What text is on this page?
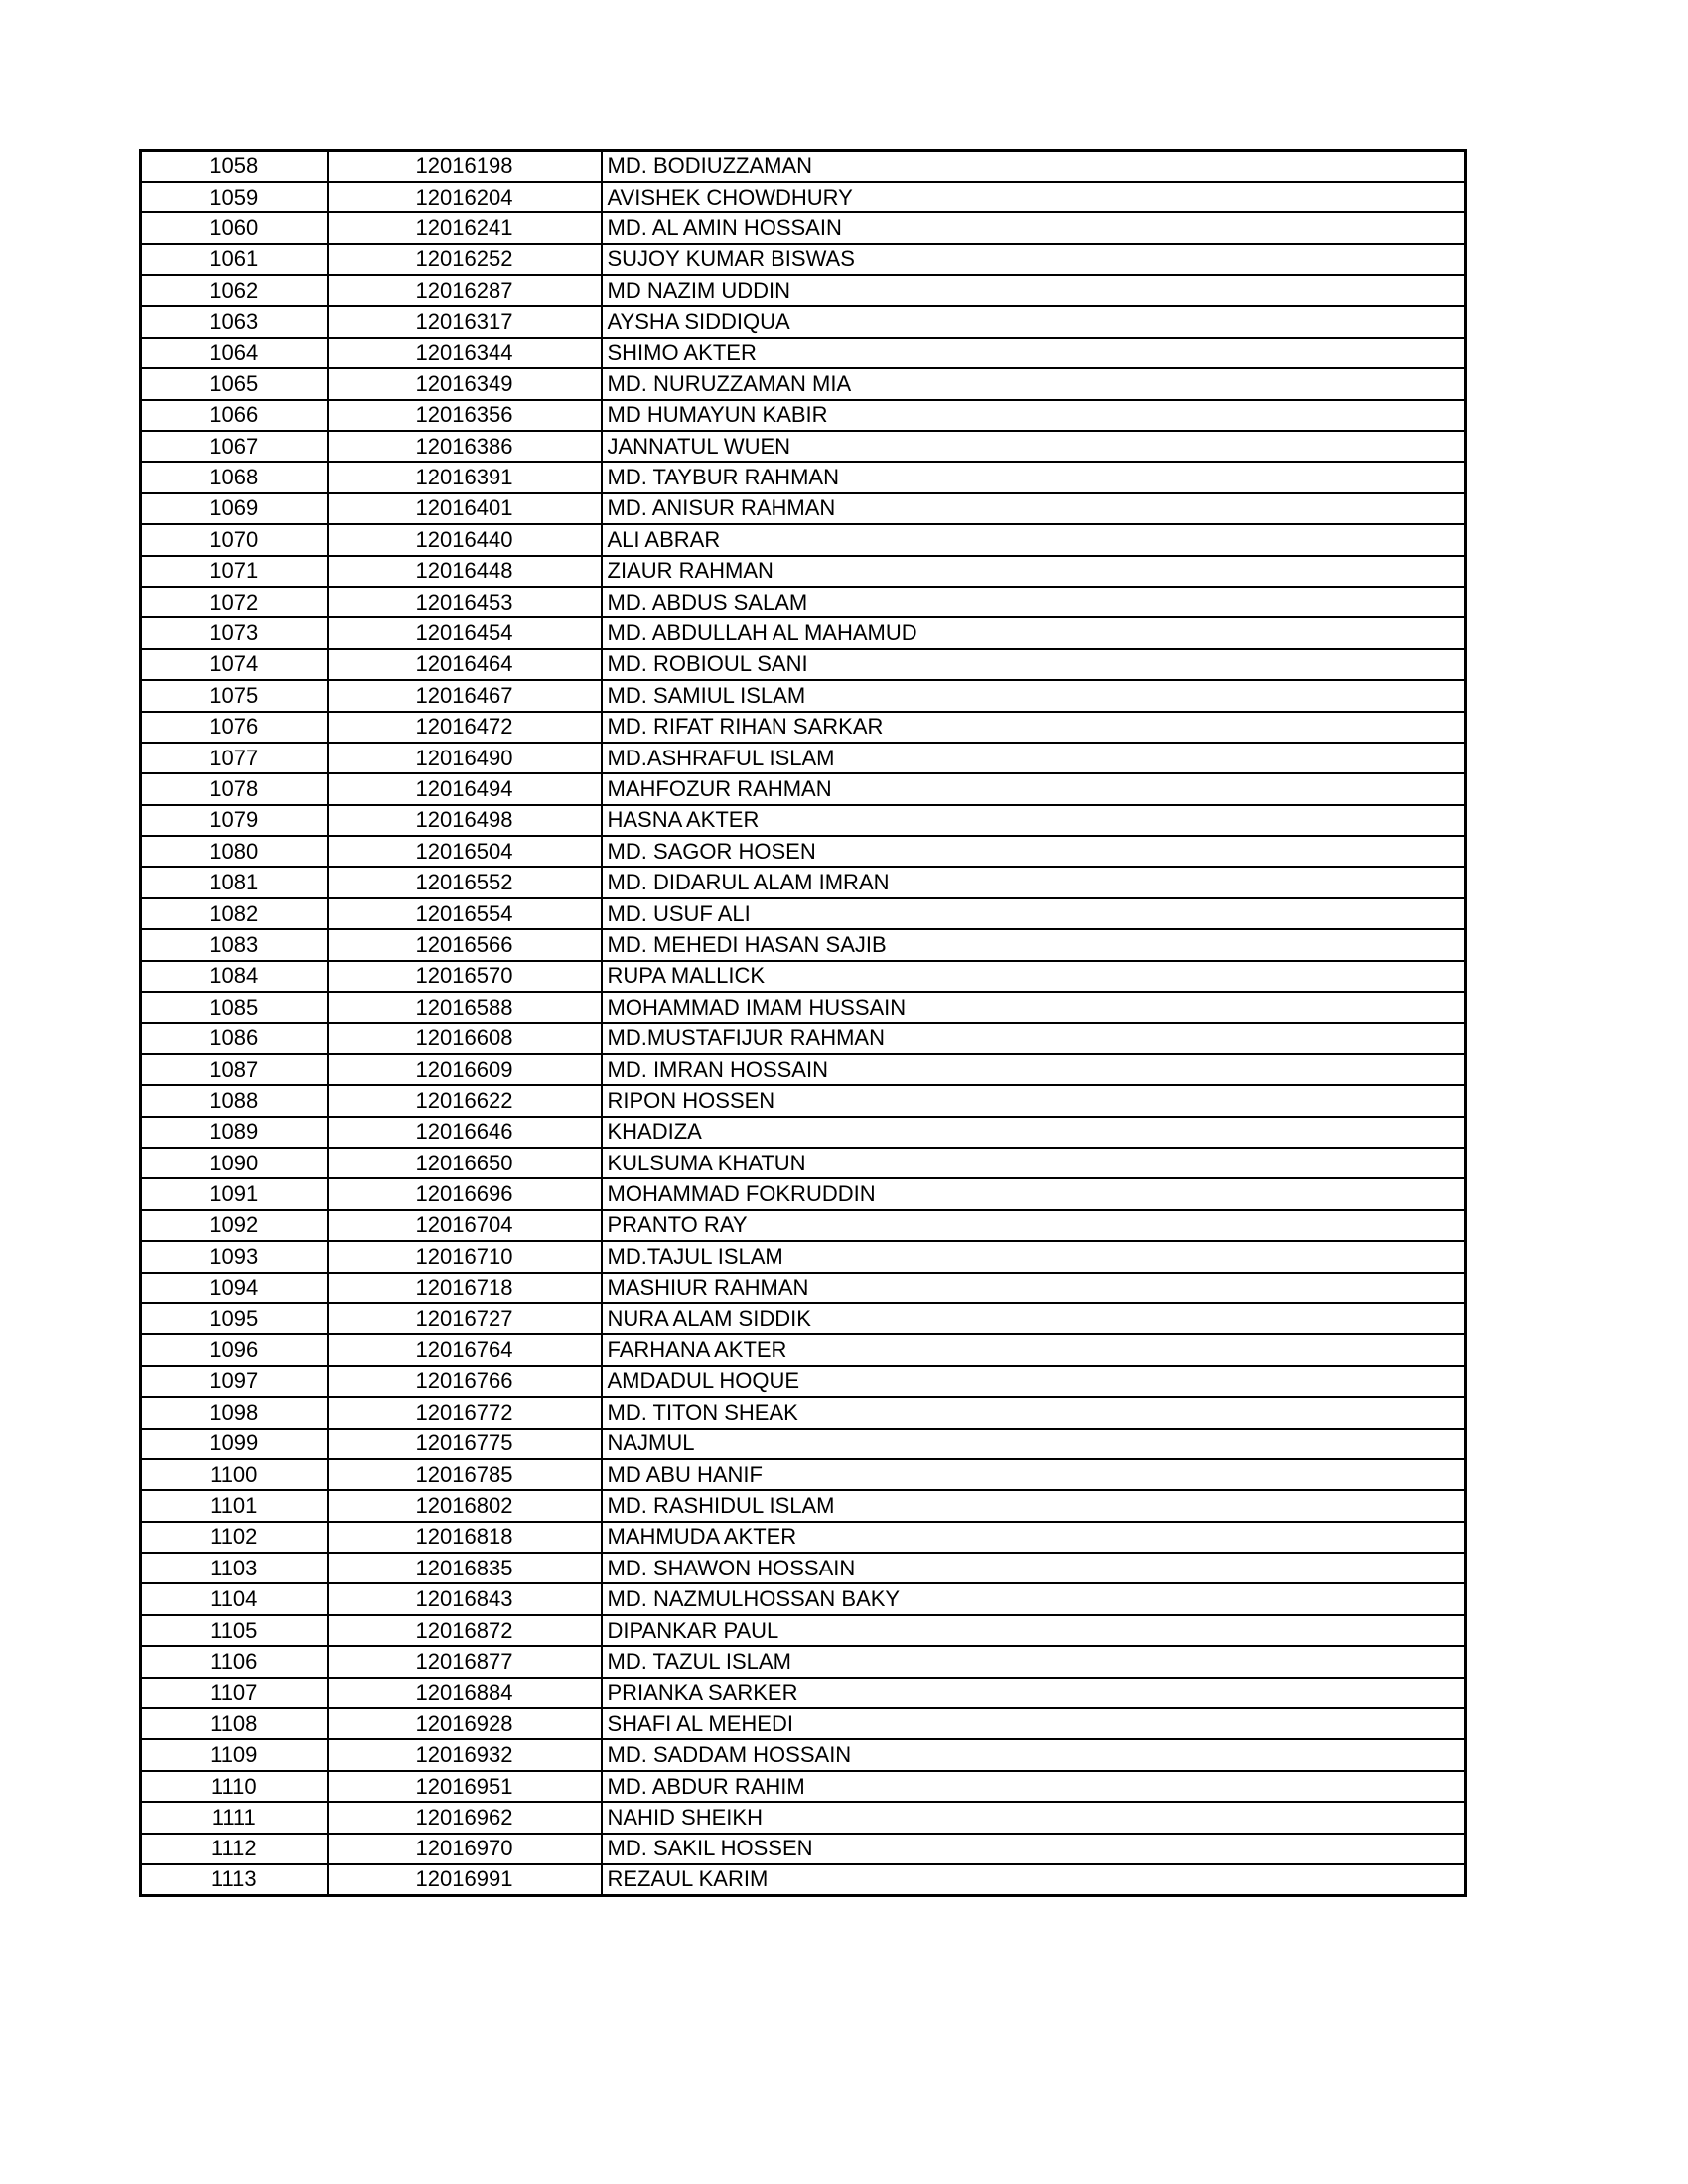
1058	12016198	MD. BODIUZZAMAN
1059	12016204	AVISHEK CHOWDHURY
1060	12016241	MD. AL AMIN HOSSAIN
1061	12016252	SUJOY KUMAR BISWAS
1062	12016287	MD NAZIM UDDIN
1063	12016317	AYSHA SIDDIQUA
1064	12016344	SHIMO AKTER
1065	12016349	MD. NURUZZAMAN MIA
1066	12016356	MD HUMAYUN KABIR
1067	12016386	JANNATUL WUEN
1068	12016391	MD. TAYBUR RAHMAN
1069	12016401	MD. ANISUR RAHMAN
1070	12016440	ALI ABRAR
1071	12016448	ZIAUR RAHMAN
1072	12016453	MD. ABDUS SALAM
1073	12016454	MD. ABDULLAH AL MAHAMUD
1074	12016464	MD. ROBIOUL SANI
1075	12016467	MD. SAMIUL ISLAM
1076	12016472	MD. RIFAT RIHAN SARKAR
1077	12016490	MD.ASHRAFUL ISLAM
1078	12016494	MAHFOZUR RAHMAN
1079	12016498	HASNA AKTER
1080	12016504	MD. SAGOR HOSEN
1081	12016552	MD. DIDARUL ALAM IMRAN
1082	12016554	MD. USUF ALI
1083	12016566	MD. MEHEDI HASAN SAJIB
1084	12016570	RUPA MALLICK
1085	12016588	MOHAMMAD IMAM HUSSAIN
1086	12016608	MD.MUSTAFIJUR RAHMAN
1087	12016609	MD. IMRAN HOSSAIN
1088	12016622	RIPON HOSSEN
1089	12016646	KHADIZA
1090	12016650	KULSUMA KHATUN
1091	12016696	MOHAMMAD FOKRUDDIN
1092	12016704	PRANTO RAY
1093	12016710	MD.TAJUL ISLAM
1094	12016718	MASHIUR RAHMAN
1095	12016727	NURA ALAM SIDDIK
1096	12016764	FARHANA AKTER
1097	12016766	AMDADUL HOQUE
1098	12016772	MD. TITON SHEAK
1099	12016775	NAJMUL
1100	12016785	MD ABU HANIF
1101	12016802	MD. RASHIDUL ISLAM
1102	12016818	MAHMUDA AKTER
1103	12016835	MD. SHAWON HOSSAIN
1104	12016843	MD. NAZMULHOSSAN BAKY
1105	12016872	DIPANKAR PAUL
1106	12016877	MD. TAZUL ISLAM
1107	12016884	PRIANKA SARKER
1108	12016928	SHAFI AL MEHEDI
1109	12016932	MD. SADDAM HOSSAIN
1110	12016951	MD. ABDUR RAHIM
1111	12016962	NAHID SHEIKH
1112	12016970	MD. SAKIL HOSSEN
1113	12016991	REZAUL KARIM
